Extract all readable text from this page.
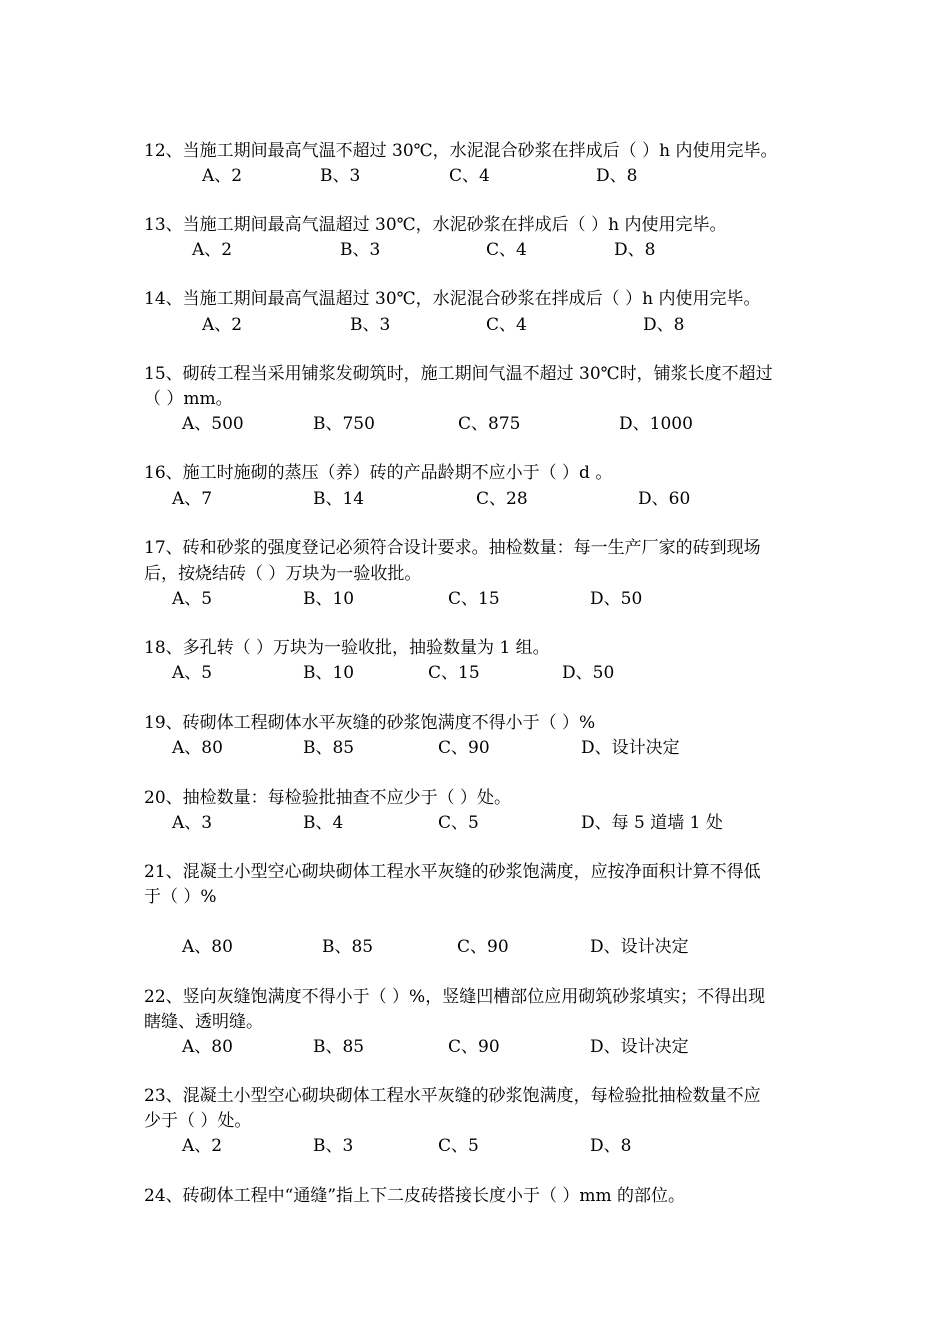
12、当施工期间最高气温不超过 30℃，水泥混合砂浆在拌成后（ ）h 内使用完毕。
A、2	B、3	C、4	D、8
13、当施工期间最高气温超过 30℃，水泥砂浆在拌成后（ ）h 内使用完毕。
A、2	B、3	C、4	D、8
14、当施工期间最高气温超过 30℃，水泥混合砂浆在拌成后（ ）h 内使用完毕。
A、2	B、3	C、4	D、8
15、砌砖工程当采用铺浆发砌筑时，施工期间气温不超过 30℃时，铺浆长度不超过
（ ）mm。
A、500	B、750	C、875	D、1000
16、施工时施砌的蒸压（养）砖的产品龄期不应小于（ ）d 。
A、7	B、14	C、28	D、60
17、砖和砂浆的强度登记必须符合设计要求。抽检数量：每一生产厂家的砖到现场
后，按烧结砖（ ）万块为一验收批。
A、5	B、10	C、15	D、50
18、多孔转（ ）万块为一验收批，抽验数量为 1 组。
A、5	B、10	C、15	D、50
19、砖砌体工程砌体水平灰缝的砂浆饱满度不得小于（ ）%
A、80	B、85	C、90	D、设计决定
20、抽检数量：每检验批抽查不应少于（ ）处。
A、3	B、4	C、5	D、每 5 道墙 1 处
21、混凝土小型空心砌块砌体工程水平灰缝的砂浆饱满度，应按净面积计算不得低
于（ ）%
A、80	B、85	C、90	D、设计决定
22、竖向灰缝饱满度不得小于（ ）%，竖缝凹槽部位应用砌筑砂浆填实；不得出现
瞎缝、透明缝。
A、80	B、85	C、90	D、设计决定
23、混凝土小型空心砌块砌体工程水平灰缝的砂浆饱满度，每检验批抽检数量不应
少于（ ）处。
A、2	B、3	C、5	D、8
24、砖砌体工程中“通缝”指上下二皮砖搭接长度小于（ ）mm 的部位。
